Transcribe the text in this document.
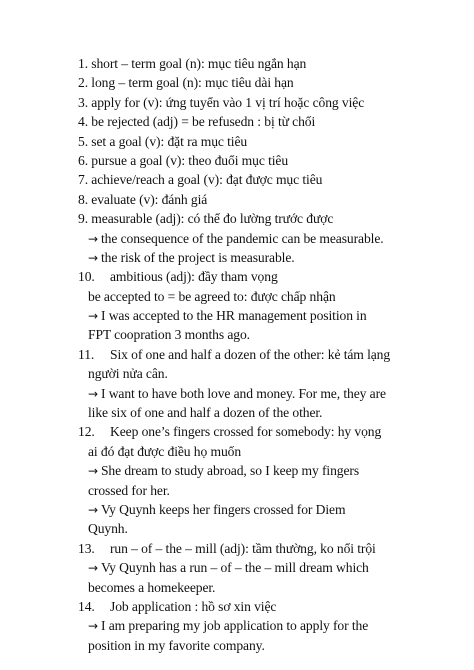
1. short – term goal (n): mục tiêu ngắn hạn
2. long – term goal (n): mục tiêu dài hạn
3. apply for (v): ứng tuyển vào 1 vị trí hoặc công việc
4. be rejected (adj) = be refusedn : bị từ chối
5. set a goal (v): đặt ra mục tiêu
6. pursue a goal (v): theo đuổi mục tiêu
7. achieve/reach a goal (v): đạt được mục tiêu
8. evaluate (v): đánh giá
9. measurable (adj): có thể đo lường trước được
→ the consequence of the pandemic can be measurable.
→ the risk of the project is measurable.
10. ambitious (adj): đầy tham vọng
be accepted to = be agreed to: được chấp nhận
→ I was accepted to the HR management position in
FPT coopration 3 months ago.
11. Six of one and half a dozen of the other: kẻ tám lạng
người nửa cân.
→ I want to have both love and money. For me, they are
like six of one and half a dozen of the other.
12. Keep one’s fingers crossed for somebody: hy vọng
ai đó đạt được điều họ muốn
→ She dream to study abroad, so I keep my fingers
crossed for her.
→ Vy Quynh keeps her fingers crossed for Diem
Quynh.
13. run – of – the – mill (adj): tầm thường, ko nổi trội
→ Vy Quynh has a run – of – the – mill dream which
becomes a homekeeper.
14. Job application : hồ sơ xin việc
→ I am preparing my job application to apply for the
position in my favorite company.
